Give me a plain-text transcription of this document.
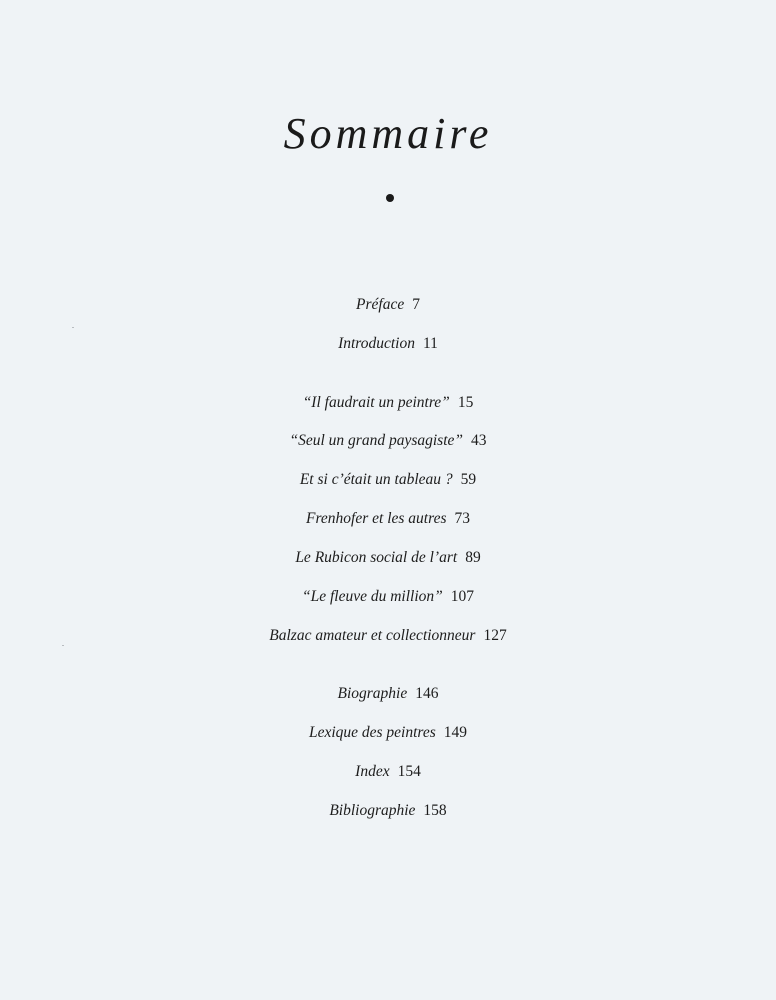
Sommaire
Préface 7
Introduction 11
“Il faudrait un peintre” 15
“Seul un grand paysagiste” 43
Et si c’était un tableau ? 59
Frenhofer et les autres 73
Le Rubicon social de l’art 89
“Le fleuve du million” 107
Balzac amateur et collectionneur 127
Biographie 146
Lexique des peintres 149
Index 154
Bibliographie 158
